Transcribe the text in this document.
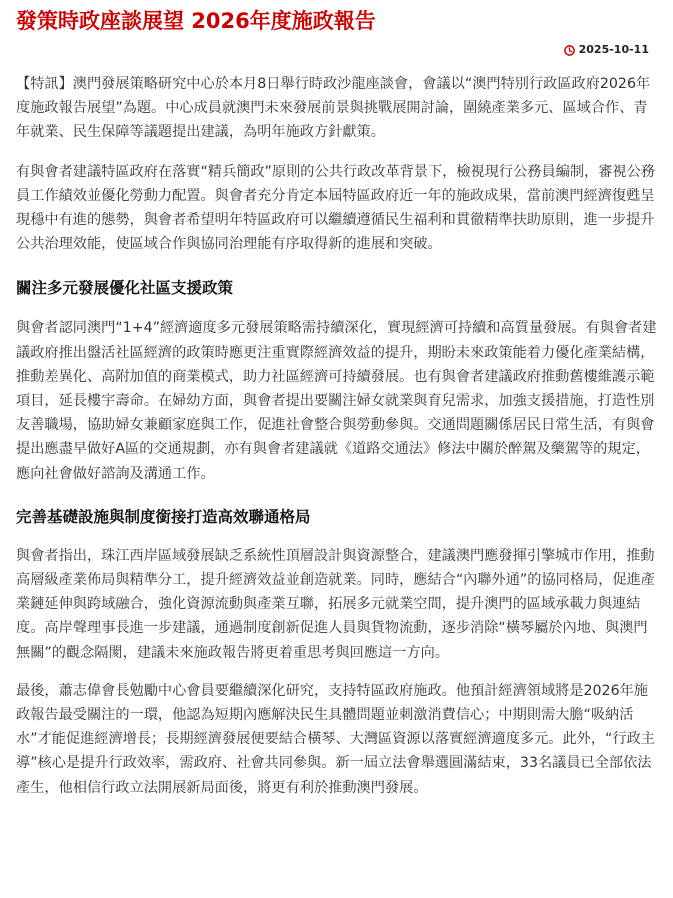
發策時政座談展望 2026年度施政報告
2025-10-11

【特訊】澳門發展策略研究中心於本月8日舉行時政沙龍座談會，會議以“澳門特別行政區政府2026年度施政報告展望”為題。中心成員就澳門未來發展前景與挑戰展開討論，圍繞產業多元、區域合作、青年就業、民生保障等議題提出建議，為明年施政方針獻策。

有與會者建議特區政府在落實“精兵簡政”原則的公共行政改革背景下，檢視現行公務員編制，審視公務員工作績效並優化勞動力配置。與會者充分肯定本屆特區政府近一年的施政成果，當前澳門經濟復甦呈現穩中有進的態勢，與會者希望明年特區政府可以繼續遵循民生福利和貫徹精準扶助原則，進一步提升公共治理效能，使區域合作與協同治理能有序取得新的進展和突破。

關注多元發展優化社區支援政策

與會者認同澳門“1+4”經濟適度多元發展策略需持續深化，實現經濟可持續和高質量發展。有與會者建議政府推出盤活社區經濟的政策時應更注重實際經濟效益的提升，期盼未來政策能着力優化產業結構，推動差異化、高附加值的商業模式，助力社區經濟可持續發展。也有與會者建議政府推動舊樓維護示範項目，延長樓宇壽命。在婦幼方面，與會者提出要關注婦女就業與育兒需求，加強支援措施，打造性別友善職場，協助婦女兼顧家庭與工作，促進社會整合與勞動參與。交通問題關係居民日常生活，有與會提出應盡早做好A區的交通規劃，亦有與會者建議就《道路交通法》修法中關於醉駕及藥駕等的規定，應向社會做好諮詢及溝通工作。

完善基礎設施與制度銜接打造高效聯通格局

與會者指出，珠江西岸區域發展缺乏系統性頂層設計與資源整合，建議澳門應發揮引擎城市作用，推動高層級產業佈局與精準分工，提升經濟效益並創造就業。同時，應結合“內聯外通”的協同格局，促進產業鏈延伸與跨域融合，強化資源流動與產業互聯，拓展多元就業空間，提升澳門的區域承載力與連結度。高岸聲理事長進一步建議，通過制度創新促進人員與貨物流動，逐步消除“橫琴屬於內地、與澳門無關”的觀念隔閡，建議未來施政報告將更着重思考與回應這一方向。

最後，蕭志偉會長勉勵中心會員要繼續深化研究，支持特區政府施政。他預計經濟領域將是2026年施政報告最受關注的一環，他認為短期內應解決民生具體問題並刺激消費信心；中期則需大膽“吸納活水”才能促進經濟增長；長期經濟發展便要結合橫琴、大灣區資源以落實經濟適度多元。此外，“行政主導”核心是提升行政效率，需政府、社會共同參與。新一屆立法會舉選圓滿結束，33名議員已全部依法產生，他相信行政立法開展新局面後，將更有利於推動澳門發展。
